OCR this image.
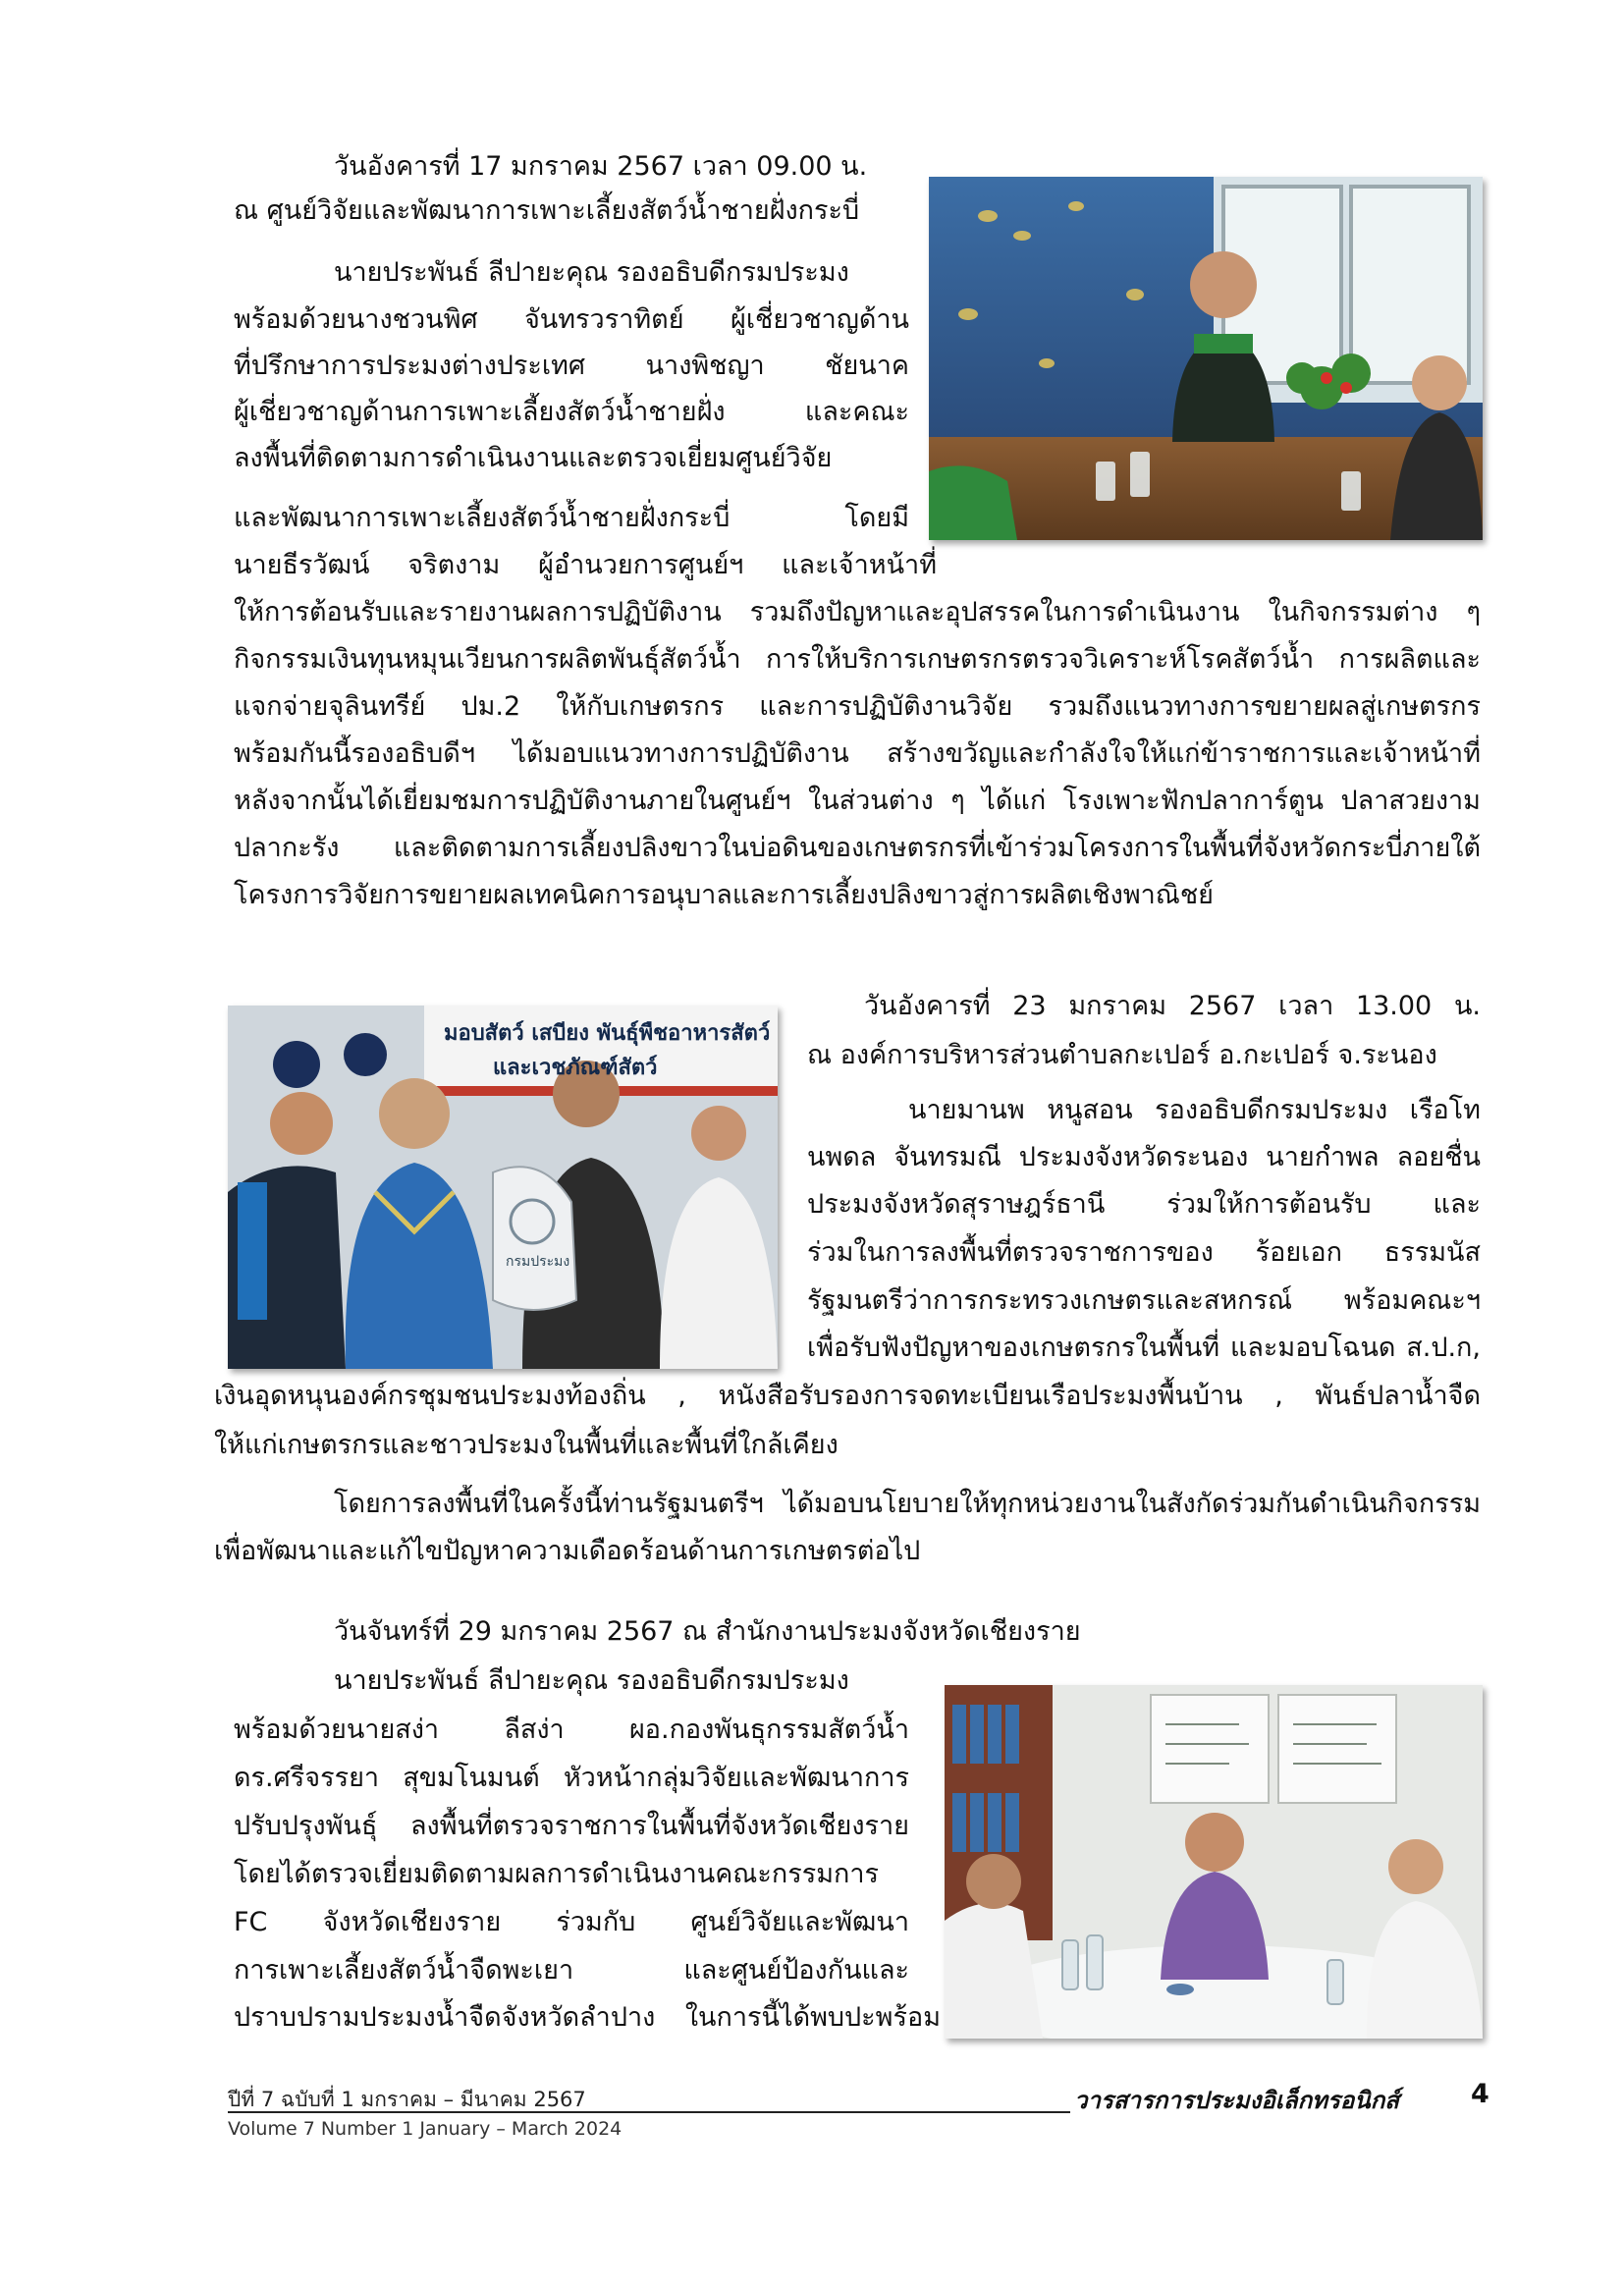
วันอังคารที่ 17 มกราคม 2567 เวลา 09.00 น.
ณ ศูนย์วิจัยและพัฒนาการเพาะเลี้ยงสัตว์น้ำชายฝั่งกระบี่
นายประพันธ์ ลีปายะคุณ รองอธิบดีกรมประมง
พร้อมด้วยนางชวนพิศ จันทรวราทิตย์ ผู้เชี่ยวชาญด้าน
ที่ปรึกษาการประมงต่างประเทศ นางพิชญา ชัยนาค
ผู้เชี่ยวชาญด้านการเพาะเลี้ยงสัตว์น้ำชายฝั่ง และคณะ
ลงพื้นที่ติดตามการดำเนินงานและตรวจเยี่ยมศูนย์วิจัย
และพัฒนาการเพาะเลี้ยงสัตว์น้ำชายฝั่งกระบี่ โดยมี
นายธีรวัฒน์ จริตงาม ผู้อำนวยการศูนย์ฯ และเจ้าหน้าที่
ให้การต้อนรับและรายงานผลการปฏิบัติงาน รวมถึงปัญหาและอุปสรรคในการดำเนินงาน ในกิจกรรมต่าง ๆ
กิจกรรมเงินทุนหมุนเวียนการผลิตพันธุ์สัตว์น้ำ การให้บริการเกษตรกรตรวจวิเคราะห์โรคสัตว์น้ำ การผลิตและ
แจกจ่ายจุลินทรีย์ ปม.2 ให้กับเกษตรกร และการปฏิบัติงานวิจัย รวมถึงแนวทางการขยายผลสู่เกษตรกร
พร้อมกันนี้รองอธิบดีฯ ได้มอบแนวทางการปฏิบัติงาน สร้างขวัญและกำลังใจให้แก่ข้าราชการและเจ้าหน้าที่
หลังจากนั้นได้เยี่ยมชมการปฏิบัติงานภายในศูนย์ฯ ในส่วนต่าง ๆ ได้แก่ โรงเพาะฟักปลาการ์ตูน ปลาสวยงาม
ปลากะรัง และติดตามการเลี้ยงปลิงขาวในบ่อดินของเกษตรกรที่เข้าร่วมโครงการในพื้นที่จังหวัดกระบี่ภายใต้
โครงการวิจัยการขยายผลเทคนิคการอนุบาลและการเลี้ยงปลิงขาวสู่การผลิตเชิงพาณิชย์
วันอังคารที่ 23 มกราคม 2567 เวลา 13.00 น.
ณ องค์การบริหารส่วนตำบลกะเปอร์ อ.กะเปอร์ จ.ระนอง
นายมานพ หนูสอน รองอธิบดีกรมประมง เรือโท
นพดล จันทรมณี ประมงจังหวัดระนอง นายกำพล ลอยชื่น
ประมงจังหวัดสุราษฎร์ธานี ร่วมให้การต้อนรับ และ
ร่วมในการลงพื้นที่ตรวจราชการของ ร้อยเอก ธรรมนัส
รัฐมนตรีว่าการกระทรวงเกษตรและสหกรณ์ พร้อมคณะฯ
เพื่อรับฟังปัญหาของเกษตรกรในพื้นที่ และมอบโฉนด ส.ป.ก,
เงินอุดหนุนองค์กรชุมชนประมงท้องถิ่น , หนังสือรับรองการจดทะเบียนเรือประมงพื้นบ้าน , พันธ์ปลาน้ำจืด
ให้แก่เกษตรกรและชาวประมงในพื้นที่และพื้นที่ใกล้เคียง
โดยการลงพื้นที่ในครั้งนี้ท่านรัฐมนตรีฯ ได้มอบนโยบายให้ทุกหน่วยงานในสังกัดร่วมกันดำเนินกิจกรรม
เพื่อพัฒนาและแก้ไขปัญหาความเดือดร้อนด้านการเกษตรต่อไป
กรมประมง
มอบสัตว์ เสบียง พันธุ์พืชอาหารสัตว์
และเวชภัณฑ์สัตว์
วันจันทร์ที่ 29 มกราคม 2567 ณ สำนักงานประมงจังหวัดเชียงราย
นายประพันธ์ ลีปายะคุณ รองอธิบดีกรมประมง
พร้อมด้วยนายสง่า ลีสง่า ผอ.กองพันธุกรรมสัตว์น้ำ
ดร.ศรีจรรยา สุขมโนมนต์ หัวหน้ากลุ่มวิจัยและพัฒนาการ
ปรับปรุงพันธุ์ ลงพื้นที่ตรวจราชการในพื้นที่จังหวัดเชียงราย
โดยได้ตรวจเยี่ยมติดตามผลการดำเนินงานคณะกรรมการ
FC จังหวัดเชียงราย ร่วมกับ ศูนย์วิจัยและพัฒนา
การเพาะเลี้ยงสัตว์น้ำจืดพะเยา และศูนย์ป้องกันและ
ปราบปรามประมงน้ำจืดจังหวัดลำปาง ในการนี้ได้พบปะพร้อม
ปีที่ 7 ฉบับที่ 1 มกราคม – มีนาคม 2567
Volume 7 Number 1 January – March 2024
วารสารการประมงอิเล็กทรอนิกส์	4
